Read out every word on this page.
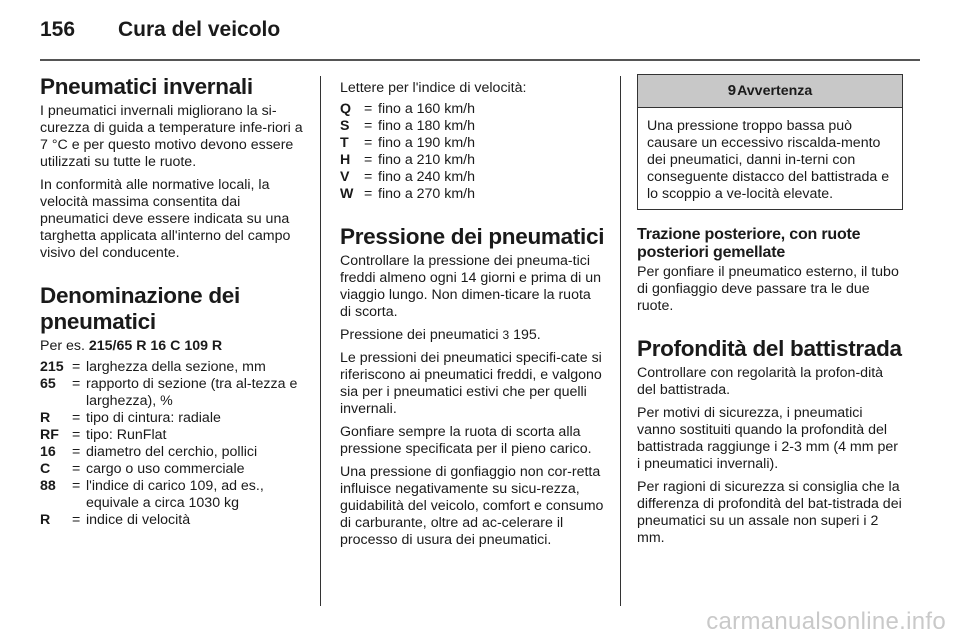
156 Cura del veicolo
Pneumatici invernali

I pneumatici invernali migliorano la si-curezza di guida a temperature infe-riori a 7 °C e per questo motivo devono essere utilizzati su tutte le ruote.

In conformità alle normative locali, la velocità massima consentita dai pneumatici deve essere indicata su una targhetta applicata all'interno del campo visivo del conducente.

Denominazione dei pneumatici

Per es. 215/65 R 16 C 109 R

215 = larghezza della sezione, mm
65	= rapporto di sezione (tra al-tezza e larghezza), %
R	= tipo di cintura: radiale
RF = tipo: RunFlat
16	= diametro del cerchio, pollici
C	= cargo o uso commerciale
88	= l'indice di carico 109, ad es., equivale a circa 1030 kg
R	= indice di velocità

Lettere per l'indice di velocità:

Q = fino a 160 km/h
S	= fino a 180 km/h
T	= fino a 190 km/h
H = fino a 210 km/h
V	= fino a 240 km/h
W = fino a 270 km/h
Pressione dei pneumatici

Controllare la pressione dei pneuma-tici freddi almeno ogni 14 giorni e prima di un viaggio lungo. Non dimen-ticare la ruota di scorta.

Pressione dei pneumatici 3 195.

Le pressioni dei pneumatici specifi-cate si riferiscono ai pneumatici freddi, e valgono sia per i pneumatici estivi che per quelli invernali.

Gonfiare sempre la ruota di scorta alla pressione specificata per il pieno carico.

Una pressione di gonfiaggio non cor-retta influisce negativamente su sicu-rezza, guidabilità del veicolo, comfort e consumo di carburante, oltre ad ac-celerare il processo di usura dei pneumatici.

9Avvertenza
Una pressione troppo bassa può causare un eccessivo riscalda-mento dei pneumatici, danni in-terni con conseguente distacco del battistrada e lo scoppio a ve-locità elevate.
Trazione posteriore, con ruote posteriori gemellate

Per gonfiare il pneumatico esterno, il tubo di gonfiaggio deve passare tra le due ruote.

Profondità del battistrada

Controllare con regolarità la profon-dità del battistrada.

Per motivi di sicurezza, i pneumatici vanno sostituiti quando la profondità del battistrada raggiunge i 2-3 mm (4 mm per i pneumatici invernali).

Per ragioni di sicurezza si consiglia che la differenza di profondità del bat-tistrada dei pneumatici su un assale non superi i 2 mm.

carmanualsonline.info
